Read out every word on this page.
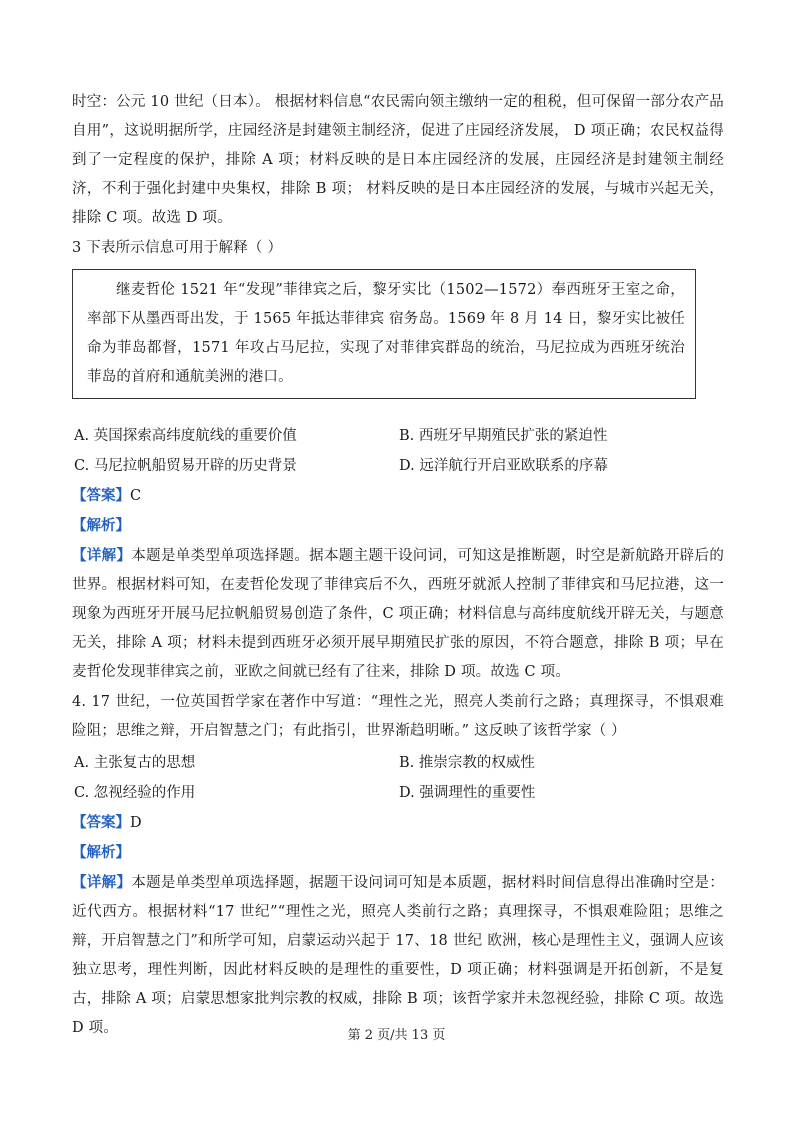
时空：公元 10 世纪（日本）。 根据材料信息“农民需向领主缴纳一定的租税，但可保留一部分农产品自用”，这说明据所学，庄园经济是封建领主制经济，促进了庄园经济发展， D 项正确；农民权益得到了一定程度的保护，排除 A 项；材料反映的是日本庄园经济的发展，庄园经济是封建领主制经济，不利于强化封建中央集权，排除 B 项； 材料反映的是日本庄园经济的发展，与城市兴起无关，排除 C 项。故选 D 项。

3 下表所示信息可用于解释（ ）

继麦哲伦 1521 年“发现”菲律宾之后，黎牙实比（1502—1572）奉西班牙王室之命，率部下从墨西哥出发，于 1565 年抵达菲律宾 宿务岛。1569 年 8 月 14 日，黎牙实比被任命为菲岛都督，1571 年攻占马尼拉，实现了对菲律宾群岛的统治，马尼拉成为西班牙统治菲岛的首府和通航美洲的港口。

A. 英国探索高纬度航线的重要价值	B. 西班牙早期殖民扩张的紧迫性
C. 马尼拉帆船贸易开辟的历史背景	D. 远洋航行开启亚欧联系的序幕
【答案】C
【解析】

【详解】本题是单类型单项选择题。据本题主题干设问词，可知这是推断题，时空是新航路开辟后的世界。根据材料可知，在麦哲伦发现了菲律宾后不久，西班牙就派人控制了菲律宾和马尼拉港，这一现象为西班牙开展马尼拉帆船贸易创造了条件，C 项正确；材料信息与高纬度航线开辟无关，与题意无关，排除 A 项；材料未提到西班牙必须开展早期殖民扩张的原因，不符合题意，排除 B 项；早在麦哲伦发现菲律宾之前，亚欧之间就已经有了往来，排除 D 项。故选 C 项。

4. 17 世纪，一位英国哲学家在著作中写道：“理性之光，照亮人类前行之路；真理探寻，不惧艰难险阻；思维之辩，开启智慧之门；有此指引，世界渐趋明晰。” 这反映了该哲学家（ ）

A. 主张复古的思想	B. 推崇宗教的权威性
C. 忽视经验的作用	D. 强调理性的重要性
【答案】D
【解析】

【详解】本题是单类型单项选择题，据题干设问词可知是本质题，据材料时间信息得出准确时空是：近代西方。根据材料“17 世纪”“理性之光，照亮人类前行之路；真理探寻，不惧艰难险阻；思维之辩，开启智慧之门”和所学可知，启蒙运动兴起于 17、18 世纪 欧洲，核心是理性主义，强调人应该独立思考，理性判断，因此材料反映的是理性的重要性，D 项正确；材料强调是开拓创新，不是复古，排除 A 项；启蒙思想家批判宗教的权威，排除 B 项；该哲学家并未忽视经验，排除 C 项。故选 D 项。	第 2 页/共 13 页
